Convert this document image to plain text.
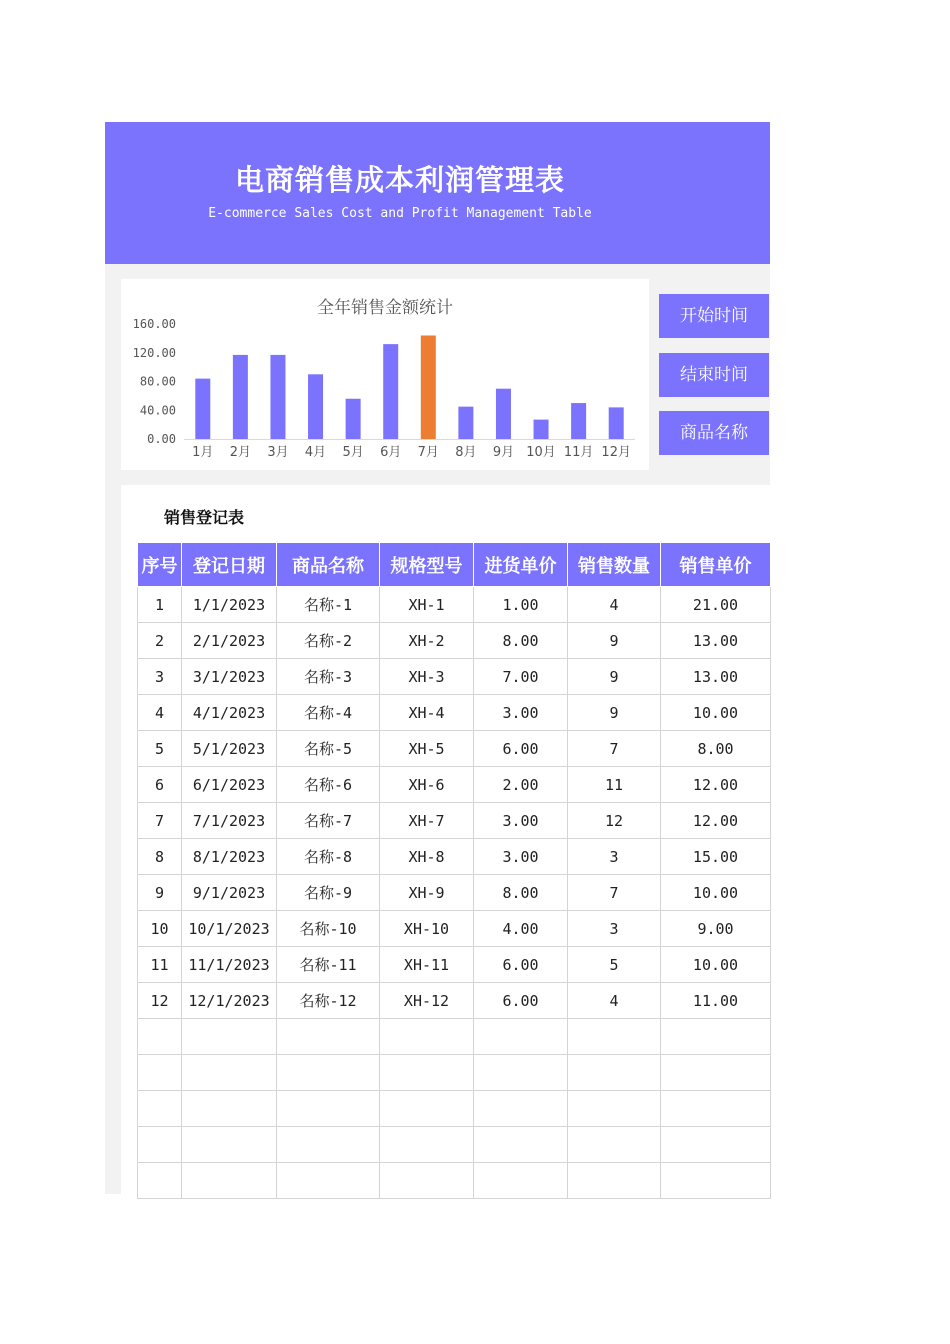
电商销售成本利润管理表
E-commerce Sales Cost and Profit Management Table
全年销售金额统计
0.00
40.00
80.00
120.00
160.00
1月 2月 3月 4月 5月 6月 7月 8月 9月 10月 11月 12月
开始时间
结束时间
商品名称
销售登记表
序号	登记日期	商品名称	规格型号	进货单价	销售数量	销售单价
1	1/1/2023	名称-1	XH-1	1.00	4	21.00
2	2/1/2023	名称-2	XH-2	8.00	9	13.00
3	3/1/2023	名称-3	XH-3	7.00	9	13.00
4	4/1/2023	名称-4	XH-4	3.00	9	10.00
5	5/1/2023	名称-5	XH-5	6.00	7	8.00
6	6/1/2023	名称-6	XH-6	2.00	11	12.00
7	7/1/2023	名称-7	XH-7	3.00	12	12.00
8	8/1/2023	名称-8	XH-8	3.00	3	15.00
9	9/1/2023	名称-9	XH-9	8.00	7	10.00
10	10/1/2023	名称-10	XH-10	4.00	3	9.00
11	11/1/2023	名称-11	XH-11	6.00	5	10.00
12	12/1/2023	名称-12	XH-12	6.00	4	11.00
